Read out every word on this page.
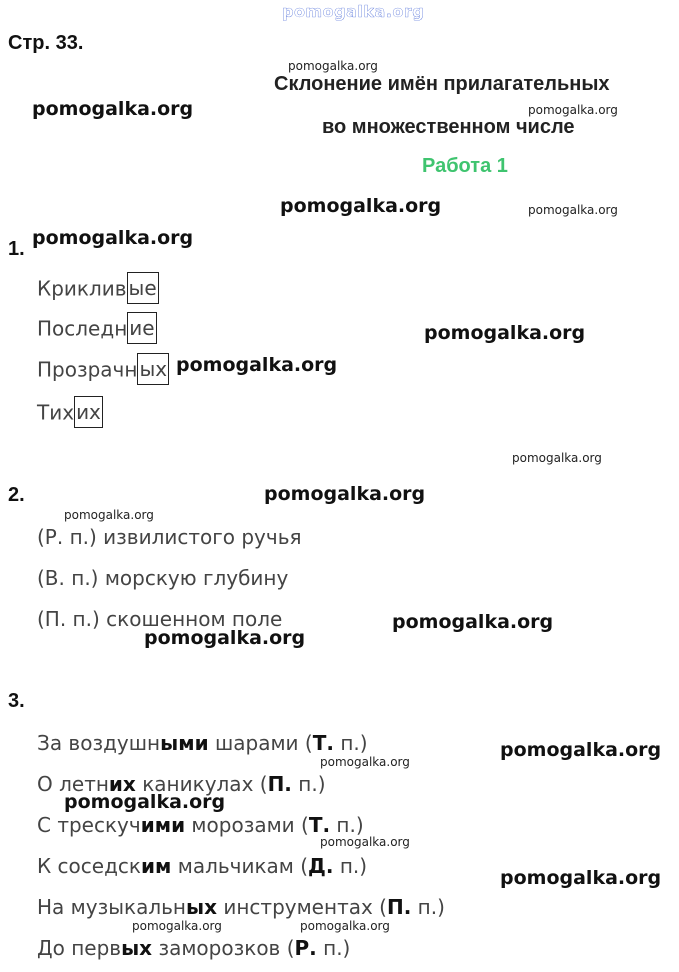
Стр. 33.
Склонение имён прилагательных
во множественном числе
Работа 1
1.
Криклив ые
Последн ие
Прозрачн ых
Тих их
2.
(Р. п.) извилистого ручья
(В. п.) морскую глубину
(П. п.) скошенном поле
3.
За воздушными шарами (Т. п.)
О летних каникулах (П. п.)
С трескучими морозами (Т. п.)
К соседским мальчикам (Д. п.)
На музыкальных инструментах (П. п.)
До первых заморозков (Р. п.)
pomogalka.org
pomogalka.org
pomogalka.org	pomogalka.org
pomogalka.org	pomogalka.org
pomogalka.org
pomogalka.org
pomogalka.org
pomogalka.org
pomogalka.org
pomogalka.org
pomogalka.org
pomogalka.org
pomogalka.org
pomogalka.org
pomogalka.org
pomogalka.org
pomogalka.org
pomogalka.org	pomogalka.org
